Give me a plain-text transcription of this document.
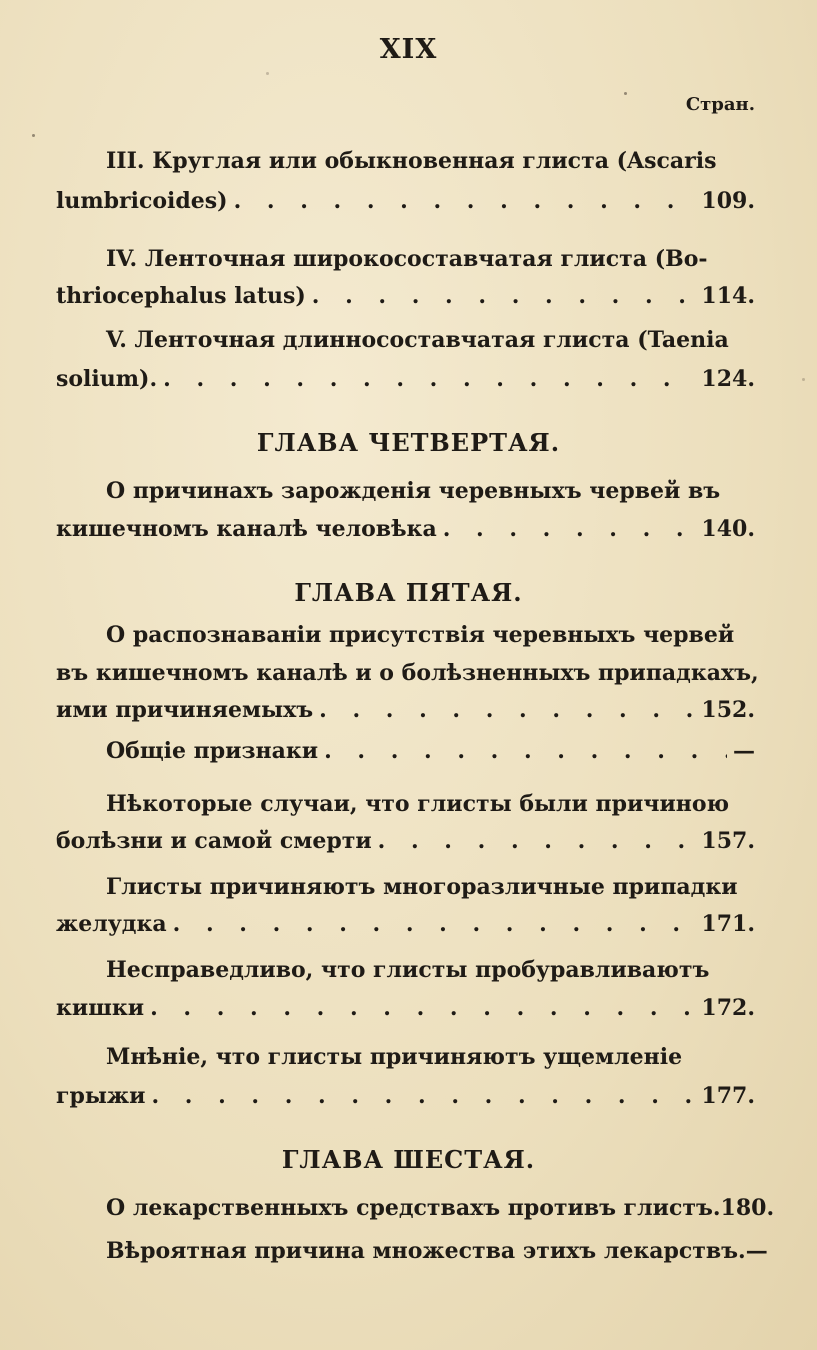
XIX
Стран.
III. Круглая или обыкновенная глиста (Ascaris
lumbricoides) . . .	109.
IV. Ленточная широкосоставчатая глиста (Bo-
thriocephalus latus) . . .	114.
V. Ленточная длинносоставчатая глиста (Taenia
solium). . . .	124.
ГЛАВА ЧЕТВЕРТАЯ.
О причинахъ зарожденія черевныхъ червей въ
кишечномъ каналѣ человѣка . . .	140.
ГЛАВА ПЯТАЯ.
О распознаваніи присутствія черевныхъ червей
въ кишечномъ каналѣ и о болѣзненныхъ припадкахъ,
ими причиняемыхъ . . .	152.
Общіе признаки . . .	—
Нѣкоторые случаи, что глисты были причиною
болѣзни и самой смерти . . .	157.
Глисты причиняютъ многоразличные припадки
желудка . . .	171.
Несправедливо, что глисты пробуравливаютъ
кишки . . .	172.
Мнѣніе, что глисты причиняютъ ущемленіе
грыжи . . .	177.
ГЛАВА ШЕСТАЯ.
О лекарственныхъ средствахъ противъ глистъ. 180.
Вѣроятная причина множества этихъ лекарствъ. —
